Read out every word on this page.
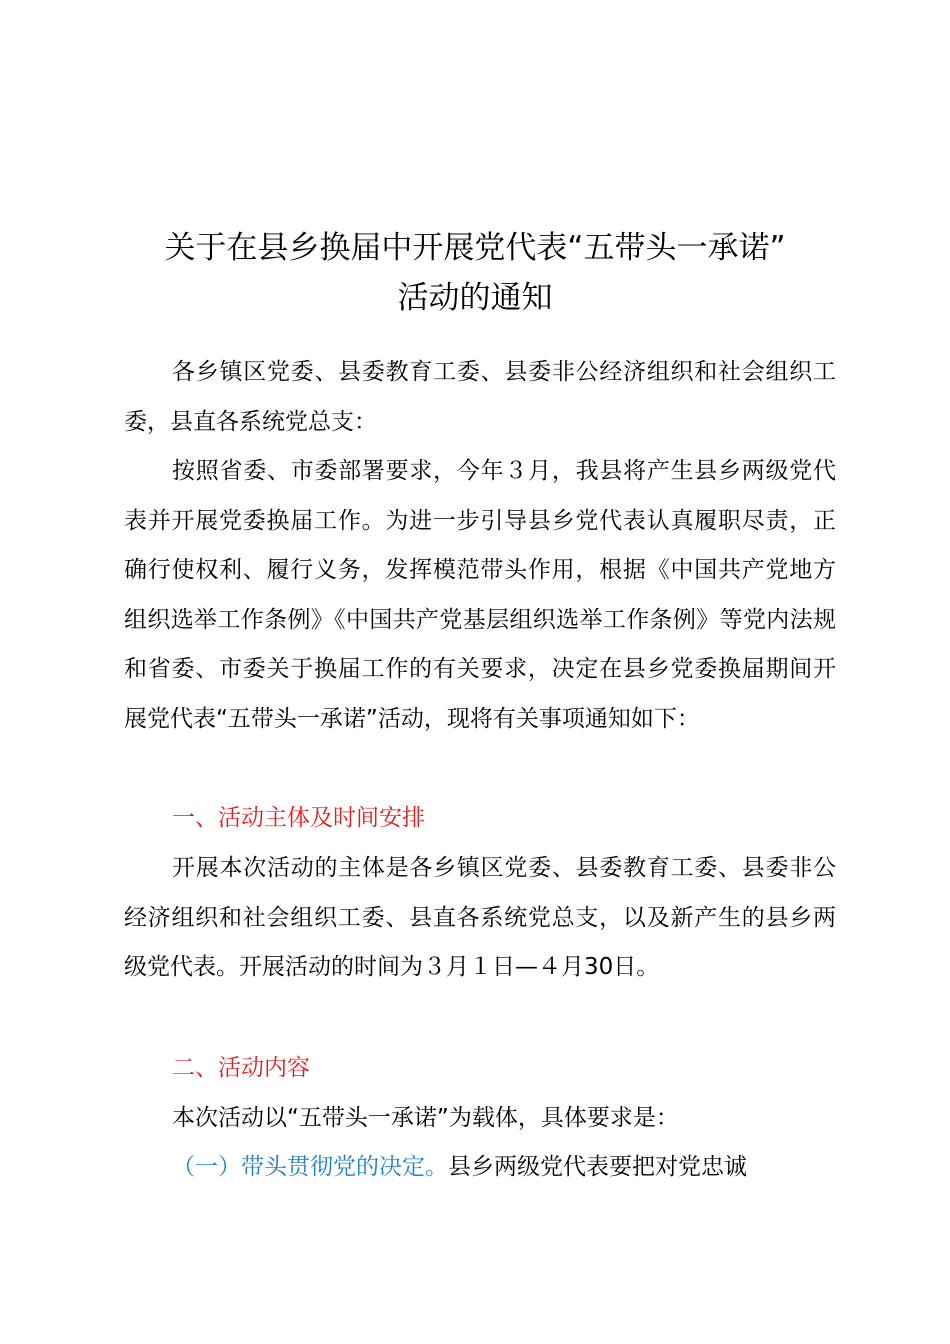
关于在县乡换届中开展党代表“五带头一承诺”
活动的通知

各乡镇区党委、县委教育工委、县委非公经济组织和社会组织工委，县直各系统党总支：

按照省委、市委部署要求，今年３月，我县将产生县乡两级党代表并开展党委换届工作。为进一步引导县乡党代表认真履职尽责，正确行使权利、履行义务，发挥模范带头作用，根据《中国共产党地方组织选举工作条例》《中国共产党基层组织选举工作条例》等党内法规和省委、市委关于换届工作的有关要求，决定在县乡党委换届期间开展党代表“五带头一承诺”活动，现将有关事项通知如下：

一、活动主体及时间安排

开展本次活动的主体是各乡镇区党委、县委教育工委、县委非公经济组织和社会组织工委、县直各系统党总支，以及新产生的县乡两级党代表。开展活动的时间为３月１日—４月30日。

二、活动内容

本次活动以“五带头一承诺”为载体，具体要求是：

（一）带头贯彻党的决定。县乡两级党代表要把对党忠诚
